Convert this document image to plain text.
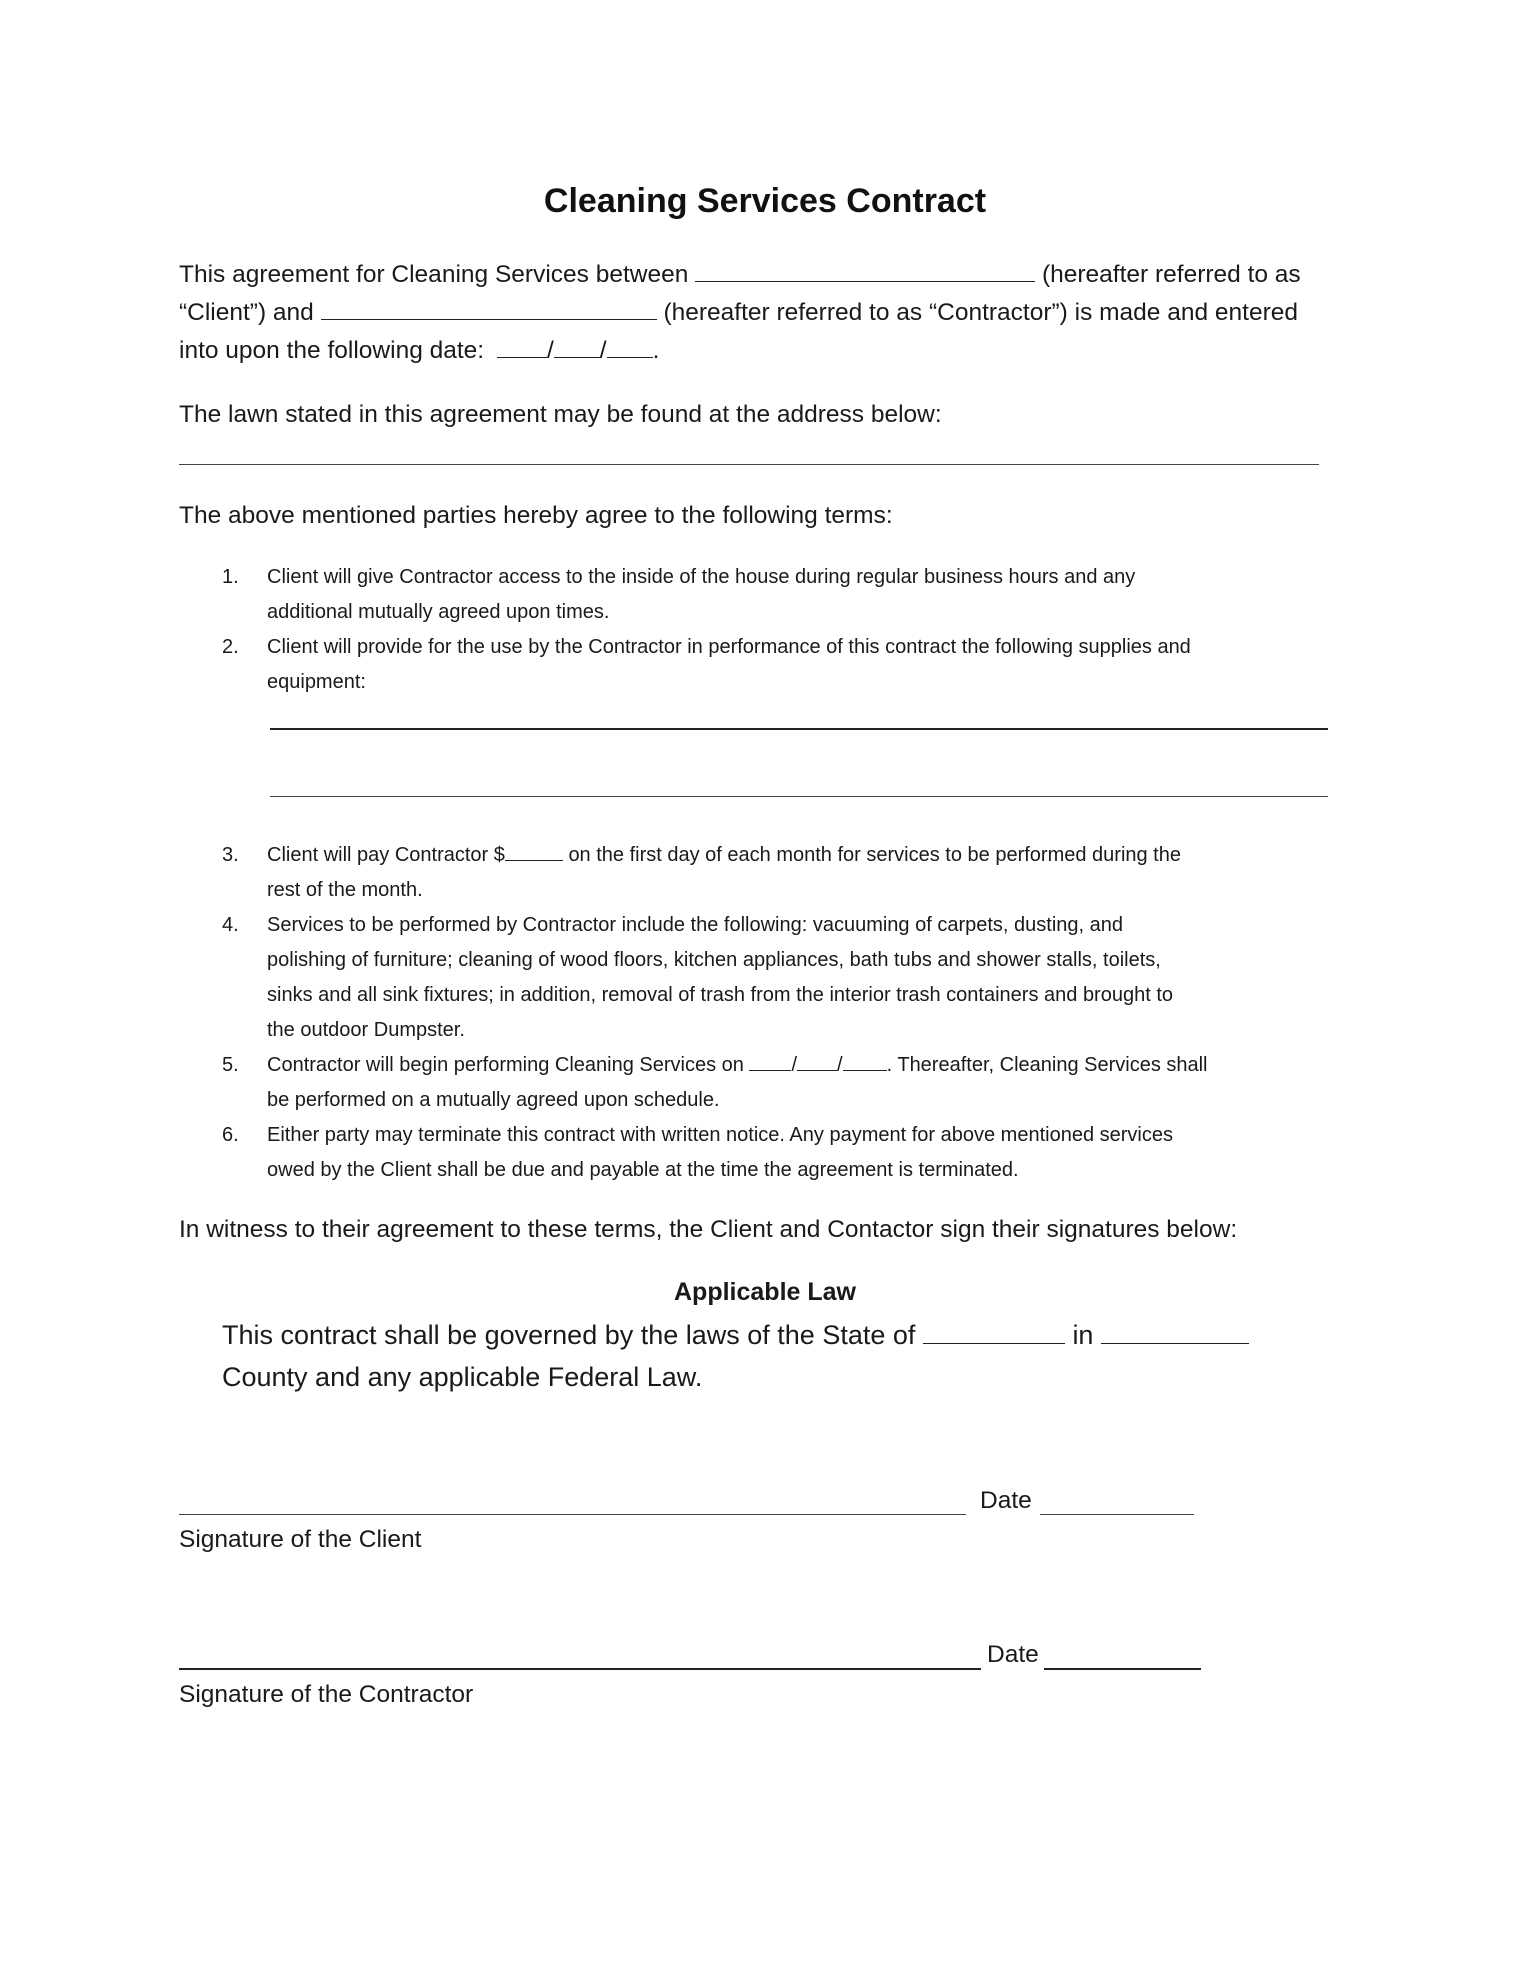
Cleaning Services Contract
This agreement for Cleaning Services between	(hereafter referred to as
“Client”) and	(hereafter referred to as “Contractor”) is made and entered
into upon the following date:	/ / .
The lawn stated in this agreement may be found at the address below:
The above mentioned parties hereby agree to the following terms:
1. Client will give Contractor access to the inside of the house during regular business hours and any
additional mutually agreed upon times.
2. Client will provide for the use by the Contractor in performance of this contract the following supplies and
equipment:
3. Client will pay Contractor $	on the first day of each month for services to be performed during the
rest of the month.
4. Services to be performed by Contractor include the following: vacuuming of carpets, dusting, and
polishing of furniture; cleaning of wood floors, kitchen appliances, bath tubs and shower stalls, toilets,
sinks and all sink fixtures; in addition, removal of trash from the interior trash containers and brought to
the outdoor Dumpster.
5. Contractor will begin performing Cleaning Services on / / . Thereafter, Cleaning Services shall
be performed on a mutually agreed upon schedule.
6. Either party may terminate this contract with written notice. Any payment for above mentioned services
owed by the Client shall be due and payable at the time the agreement is terminated.
In witness to their agreement to these terms, the Client and Contactor sign their signatures below:
Applicable Law
This contract shall be governed by the laws of the State of	in
County and any applicable Federal Law.
Date
Signature of the Client
Date
Signature of the Contractor
